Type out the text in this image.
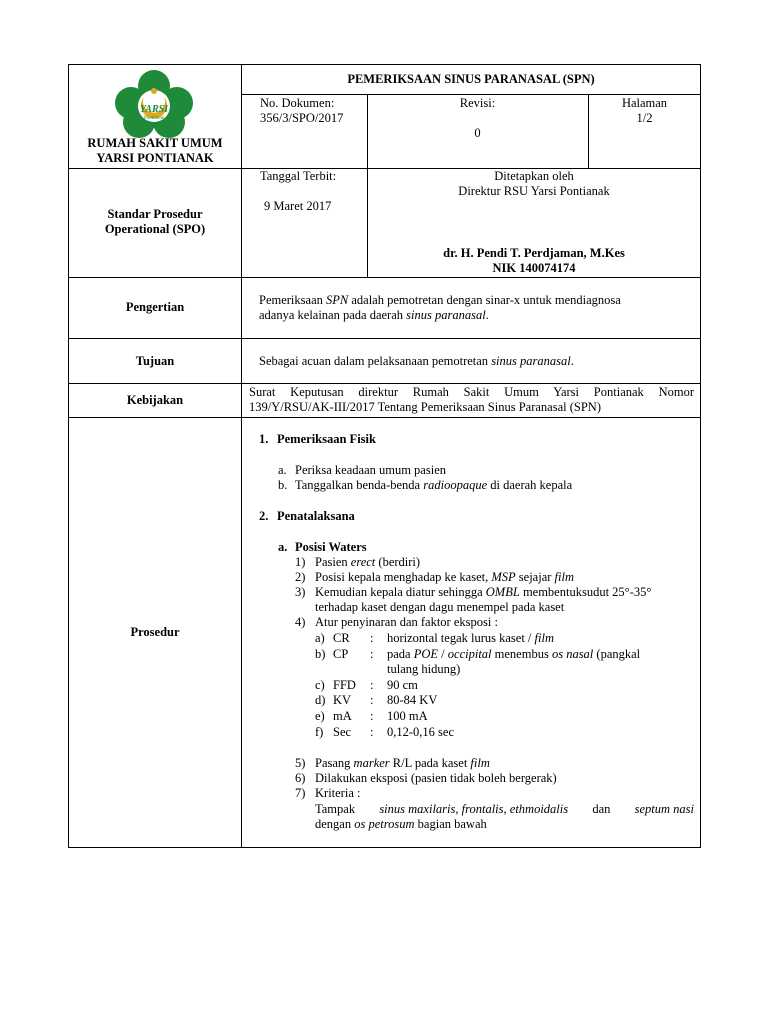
YARSI
Pontianak
RUMAH SAKIT UMUM
YARSI PONTIANAK
PEMERIKSAAN SINUS PARANASAL (SPN)
No. Dokumen:
356/3/SPO/2017
Revisi:
0
Halaman
1/2
Standar Prosedur
Operational (SPO)
Tanggal Terbit:
9 Maret 2017
Ditetapkan oleh
Direktur RSU Yarsi Pontianak
dr. H. Pendi T. Perdjaman, M.Kes
NIK 140074174
Pengertian	Pemeriksaan SPN adalah pemotretan dengan sinar-x untuk mendiagnosa
adanya kelainan pada daerah sinus paranasal.
Tujuan	Sebagai acuan dalam pelaksanaan pemotretan sinus paranasal.
Kebijakan
Surat Keputusan direktur Rumah Sakit Umum Yarsi Pontianak Nomor
139/Y/RSU/AK-III/2017 Tentang Pemeriksaan Sinus Paranasal (SPN)
Prosedur
1. Pemeriksaan Fisik
a. Periksa keadaan umum pasien
b. Tanggalkan benda-benda radioopaque di daerah kepala
2. Penatalaksana
a. Posisi Waters
1) Pasien erect (berdiri)
2) Posisi kepala menghadap ke kaset, MSP sejajar film
3) Kemudian kepala diatur sehingga OMBL membentuksudut 25°-35°
terhadap kaset dengan dagu menempel pada kaset
4) Atur penyinaran dan faktor eksposi :
a) CR : horizontal tegak lurus kaset / film
b) CP : pada POE / occipital menembus os nasal (pangkal
tulang hidung)
c) FFD : 90 cm
d) KV : 80-84 KV
e) mA : 100 mA
f) Sec : 0,12-0,16 sec
5) Pasang marker R/L pada kaset film
6) Dilakukan eksposi (pasien tidak boleh bergerak)
7) Kriteria :
Tampak sinus maxilaris, frontalis, ethmoidalis dan septum nasi
dengan os petrosum bagian bawah
